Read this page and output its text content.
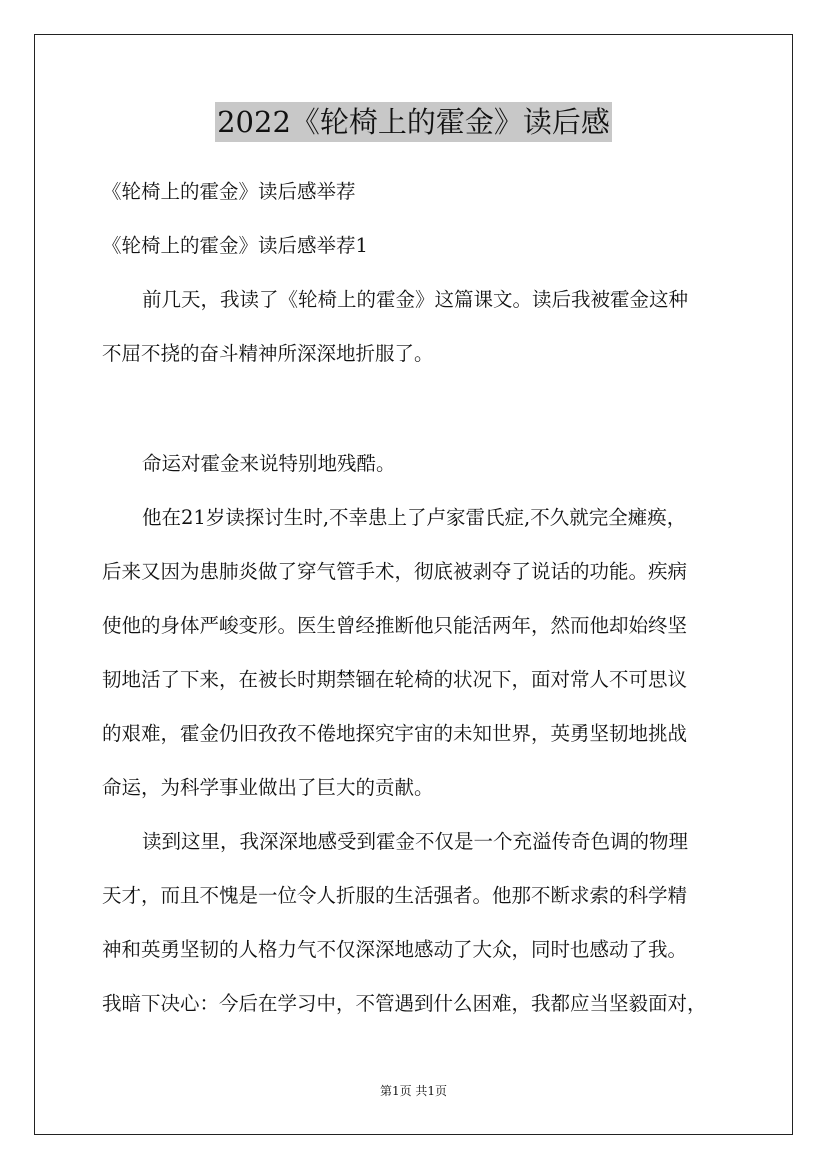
2022《轮椅上的霍金》读后感
《轮椅上的霍金》读后感举荐
《轮椅上的霍金》读后感举荐1
前几天，我读了《轮椅上的霍金》这篇课文。读后我被霍金这种
不屈不挠的奋斗精神所深深地折服了。
命运对霍金来说特别地残酷。
他在21岁读探讨生时,不幸患上了卢家雷氏症,不久就完全瘫痪，
后来又因为患肺炎做了穿气管手术，彻底被剥夺了说话的功能。疾病
使他的身体严峻变形。医生曾经推断他只能活两年，然而他却始终坚
韧地活了下来，在被长时期禁锢在轮椅的状况下，面对常人不可思议
的艰难，霍金仍旧孜孜不倦地探究宇宙的未知世界，英勇坚韧地挑战
命运，为科学事业做出了巨大的贡献。
读到这里，我深深地感受到霍金不仅是一个充溢传奇色调的物理
天才，而且不愧是一位令人折服的生活强者。他那不断求索的科学精
神和英勇坚韧的人格力气不仅深深地感动了大众，同时也感动了我。
我暗下决心：今后在学习中，不管遇到什么困难，我都应当坚毅面对，
第1页 共1页
